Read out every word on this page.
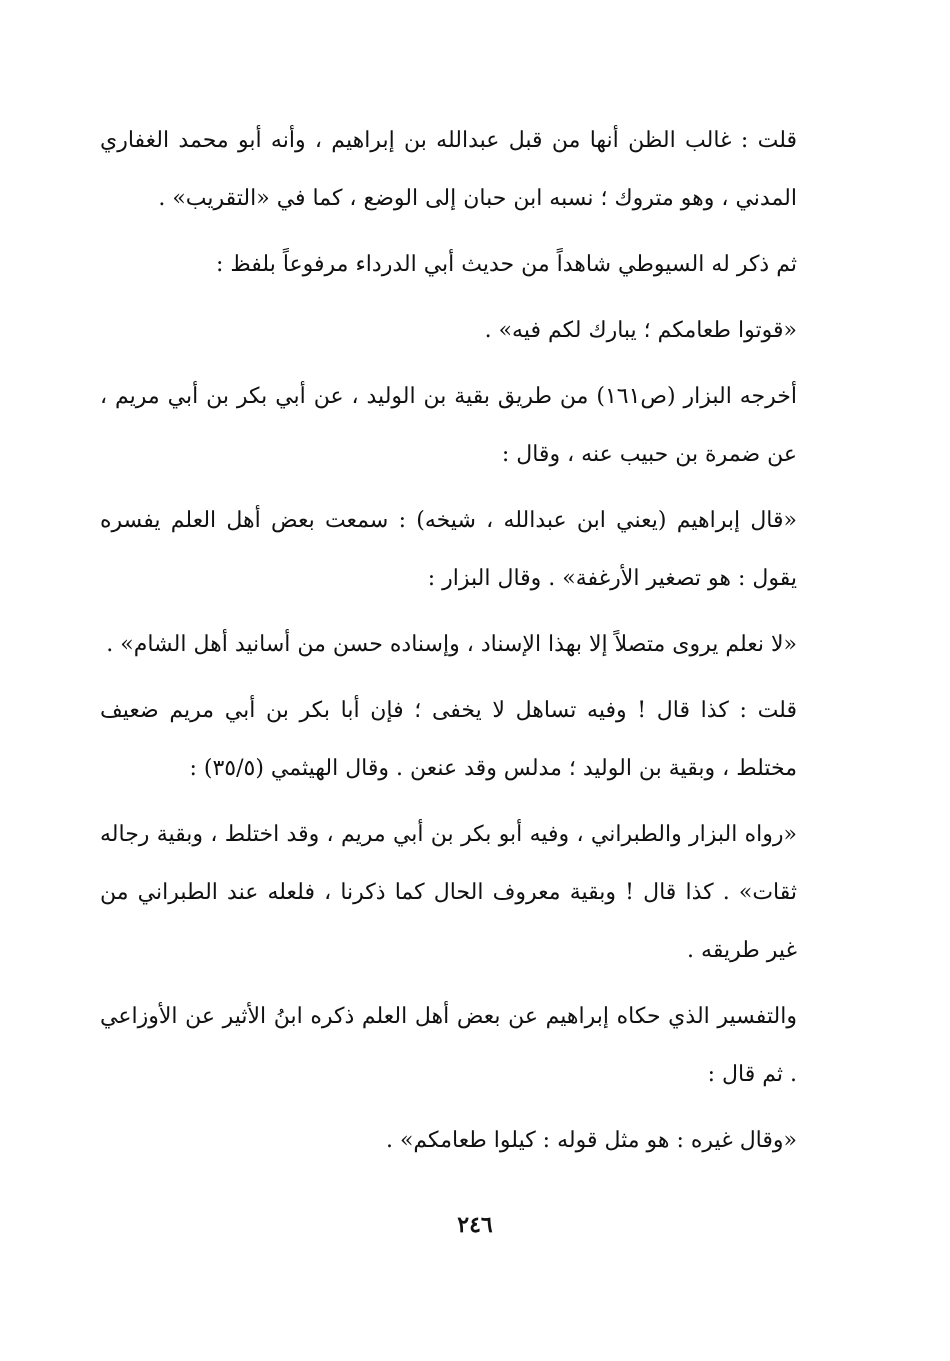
قلت : غالب الظن أنها من قبل عبدالله بن إبراهيم ، وأنه أبو محمد الغفاري المدني ، وهو متروك ؛ نسبه ابن حبان إلى الوضع ، كما في «التقريب» .

ثم ذكر له السيوطي شاهداً من حديث أبي الدرداء مرفوعاً بلفظ :

«قوتوا طعامكم ؛ يبارك لكم فيه» .

أخرجه البزار (ص١٦١) من طريق بقية بن الوليد ، عن أبي بكر بن أبي مريم ، عن ضمرة بن حبيب عنه ، وقال :

«قال إبراهيم (يعني ابن عبدالله ، شيخه) : سمعت بعض أهل العلم يفسره يقول : هو تصغير الأرغفة» . وقال البزار :

«لا نعلم يروى متصلاً إلا بهذا الإسناد ، وإسناده حسن من أسانيد أهل الشام» .

قلت : كذا قال ! وفيه تساهل لا يخفى ؛ فإن أبا بكر بن أبي مريم ضعيف مختلط ، وبقية بن الوليد ؛ مدلس وقد عنعن . وقال الهيثمي (٣٥/٥) :

«رواه البزار والطبراني ، وفيه أبو بكر بن أبي مريم ، وقد اختلط ، وبقية رجاله ثقات» . كذا قال ! وبقية معروف الحال كما ذكرنا ، فلعله عند الطبراني من غير طريقه .

والتفسير الذي حكاه إبراهيم عن بعض أهل العلم ذكره ابنُ الأثير عن الأوزاعي . ثم قال :

«وقال غيره : هو مثل قوله : كيلوا طعامكم» .

٢٤٦
